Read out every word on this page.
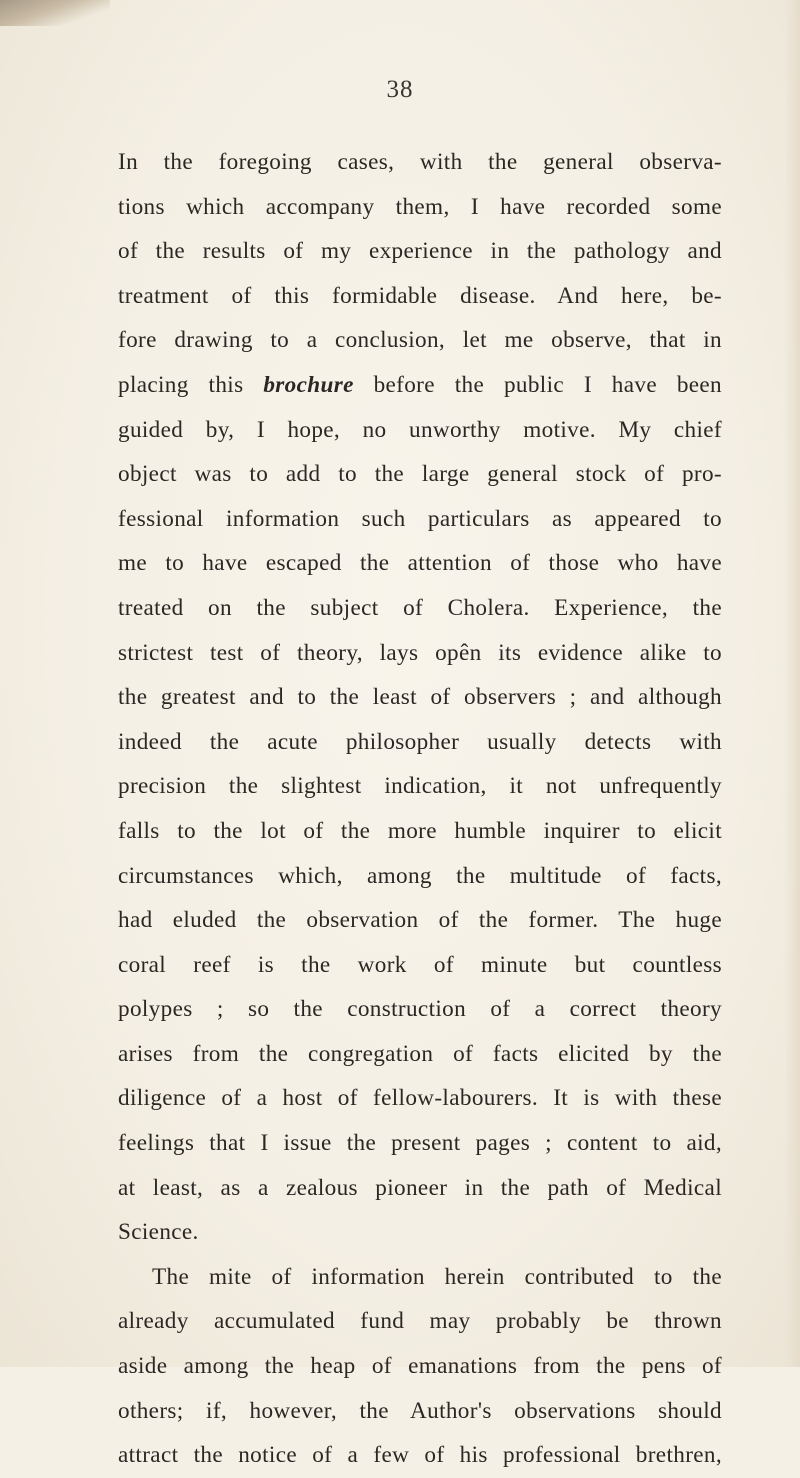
38
In the foregoing cases, with the general observa-
tions which accompany them, I have recorded some
of the results of my experience in the pathology and
treatment of this formidable disease. And here, be-
fore drawing to a conclusion, let me observe, that in
placing this brochure before the public I have been
guided by, I hope, no unworthy motive. My chief
object was to add to the large general stock of pro-
fessional information such particulars as appeared to
me to have escaped the attention of those who have
treated on the subject of Cholera. Experience, the
strictest test of theory, lays opên its evidence alike to
the greatest and to the least of observers ; and although
indeed the acute philosopher usually detects with
precision the slightest indication, it not unfrequently
falls to the lot of the more humble inquirer to elicit
circumstances which, among the multitude of facts,
had eluded the observation of the former. The huge
coral reef is the work of minute but countless
polypes ; so the construction of a correct theory
arises from the congregation of facts elicited by the
diligence of a host of fellow-labourers. It is with these
feelings that I issue the present pages ; content to aid,
at least, as a zealous pioneer in the path of Medical
Science.
The mite of information herein contributed to the
already accumulated fund may probably be thrown
aside among the heap of emanations from the pens of
others; if, however, the Author's observations should
attract the notice of a few of his professional brethren,
